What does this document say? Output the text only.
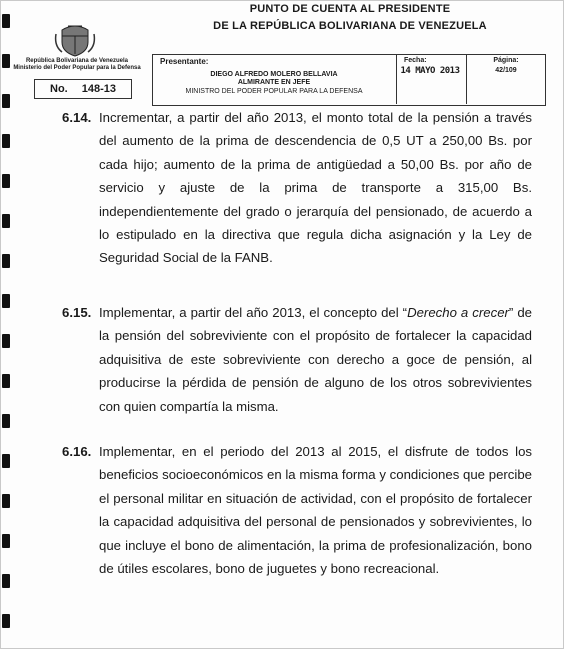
PUNTO DE CUENTA AL PRESIDENTE
DE LA REPÚBLICA BOLIVARIANA DE VENEZUELA
República Bolivariana de Venezuela
Ministerio del Poder Popular para la Defensa
No. 148-13
Presentante:
DIEGO ALFREDO MOLERO BELLAVIA
ALMIRANTE EN JEFE
MINISTRO DEL PODER POPULAR PARA LA DEFENSA
Fecha:
14 MAYO 2013
Página:
42/109
6.14. Incrementar, a partir del año 2013, el monto total de la pensión a través del aumento de la prima de descendencia de 0,5 UT a 250,00 Bs. por cada hijo; aumento de la prima de antigüedad a 50,00 Bs. por año de servicio y ajuste de la prima de transporte a 315,00 Bs. independientemente del grado o jerarquía del pensionado, de acuerdo a lo estipulado en la directiva que regula dicha asignación y la Ley de Seguridad Social de la FANB.
6.15. Implementar, a partir del año 2013, el concepto del “Derecho a crecer” de la pensión del sobreviviente con el propósito de fortalecer la capacidad adquisitiva de este sobreviviente con derecho a goce de pensión, al producirse la pérdida de pensión de alguno de los otros sobrevivientes con quien compartía la misma.
6.16. Implementar, en el periodo del 2013 al 2015, el disfrute de todos los beneficios socioeconómicos en la misma forma y condiciones que percibe el personal militar en situación de actividad, con el propósito de fortalecer la capacidad adquisitiva del personal de pensionados y sobrevivientes, lo que incluye el bono de alimentación, la prima de profesionalización, bono de útiles escolares, bono de juguetes y bono recreacional.
